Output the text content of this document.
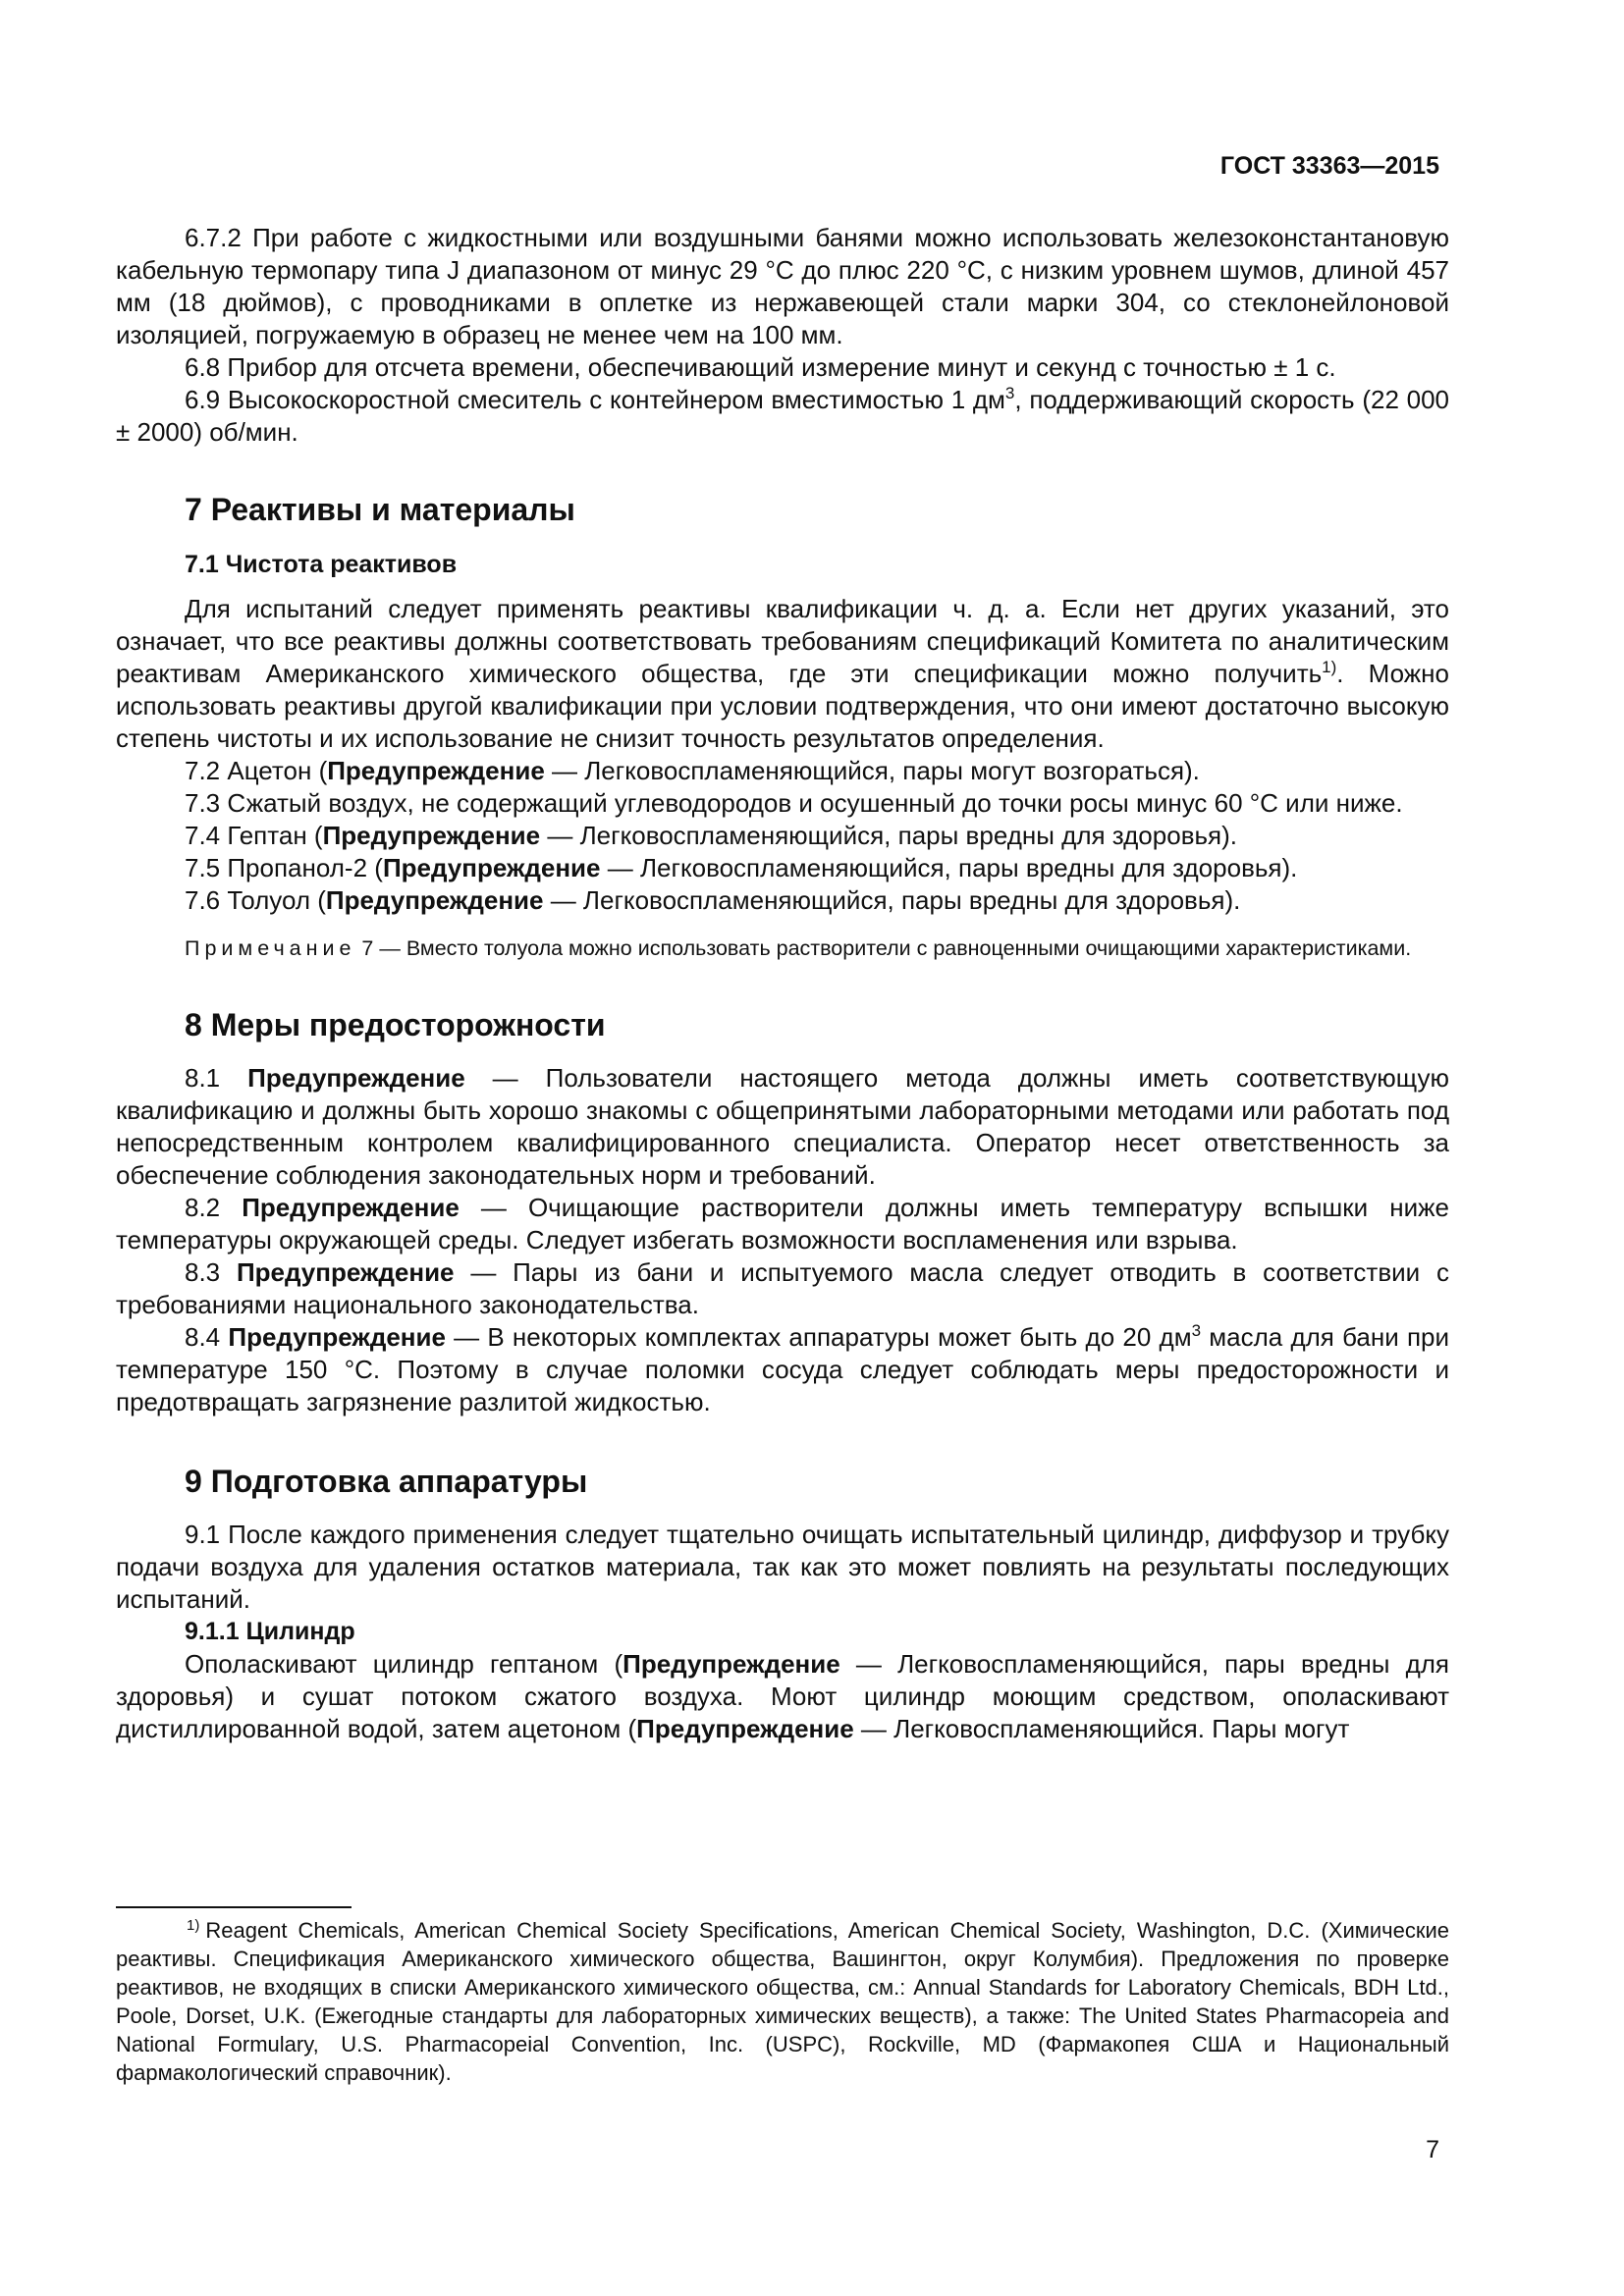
ГОСТ 33363—2015

6.7.2 При работе с жидкостными или воздушными банями можно использовать железоконстантановую кабельную термопару типа J диапазоном от минус 29 °С до плюс 220 °С, с низким уровнем шумов, длиной 457 мм (18 дюймов), с проводниками в оплетке из нержавеющей стали марки 304, со стеклонейлоновой изоляцией, погружаемую в образец не менее чем на 100 мм.

6.8 Прибор для отсчета времени, обеспечивающий измерение минут и секунд с точностью ± 1 с.

6.9 Высокоскоростной смеситель с контейнером вместимостью 1 $дм^3$, поддерживающий скорость (22 000 ± 2000) об/мин.

7 Реактивы и материалы
7.1 Чистота реактивов

Для испытаний следует применять реактивы квалификации ч. д. а. Если нет других указаний, это означает, что все реактивы должны соответствовать требованиям спецификаций Комитета по аналитическим реактивам Американского химического общества, где эти спецификации можно получить$^{1)}$. Можно использовать реактивы другой квалификации при условии подтверждения, что они имеют достаточно высокую степень чистоты и их использование не снизит точность результатов определения.

7.2 Ацетон (Предупреждение — Легковоспламеняющийся, пары могут возгораться).

7.3 Сжатый воздух, не содержащий углеводородов и осушенный до точки росы минус 60 °С или ниже.

7.4 Гептан (Предупреждение — Легковоспламеняющийся, пары вредны для здоровья).

7.5 Пропанол-2 (Предупреждение — Легковоспламеняющийся, пары вредны для здоровья).

7.6 Толуол (Предупреждение — Легковоспламеняющийся, пары вредны для здоровья).

Примечание 7 — Вместо толуола можно использовать растворители с равноценными очищающими характеристиками.

8 Меры предосторожности

8.1 Предупреждение — Пользователи настоящего метода должны иметь соответствующую квалификацию и должны быть хорошо знакомы с общепринятыми лабораторными методами или работать под непосредственным контролем квалифицированного специалиста. Оператор несет ответственность за обеспечение соблюдения законодательных норм и требований.

8.2 Предупреждение — Очищающие растворители должны иметь температуру вспышки ниже температуры окружающей среды. Следует избегать возможности воспламенения или взрыва.

8.3 Предупреждение — Пары из бани и испытуемого масла следует отводить в соответствии с требованиями национального законодательства.

8.4 Предупреждение — В некоторых комплектах аппаратуры может быть до 20 $дм^3$ масла для бани при температуре 150 °С. Поэтому в случае поломки сосуда следует соблюдать меры предосторожности и предотвращать загрязнение разлитой жидкостью.

9 Подготовка аппаратуры

9.1 После каждого применения следует тщательно очищать испытательный цилиндр, диффузор и трубку подачи воздуха для удаления остатков материала, так как это может повлиять на результаты последующих испытаний.

9.1.1 Цилиндр

Ополаскивают цилиндр гептаном (Предупреждение — Легковоспламеняющийся, пары вредны для здоровья) и сушат потоком сжатого воздуха. Моют цилиндр моющим средством, ополаскивают дистиллированной водой, затем ацетоном (Предупреждение — Легковоспламеняющийся. Пары могут

$^{1)}$ Reagent Chemicals, American Chemical Society Specifications, American Chemical Society, Washington, D.C. (Химические реактивы. Спецификация Американского химического общества, Вашингтон, округ Колумбия). Предложения по проверке реактивов, не входящих в списки Американского химического общества, см.: Annual Standards for Laboratory Chemicals, BDH Ltd., Poole, Dorset, U.K. (Ежегодные стандарты для лабораторных химических веществ), а также: The United States Pharmacopeia and National Formulary, U.S. Pharmacopeial Convention, Inc. (USPC), Rockville, MD (Фармакопея США и Национальный фармакологический справочник).

7
